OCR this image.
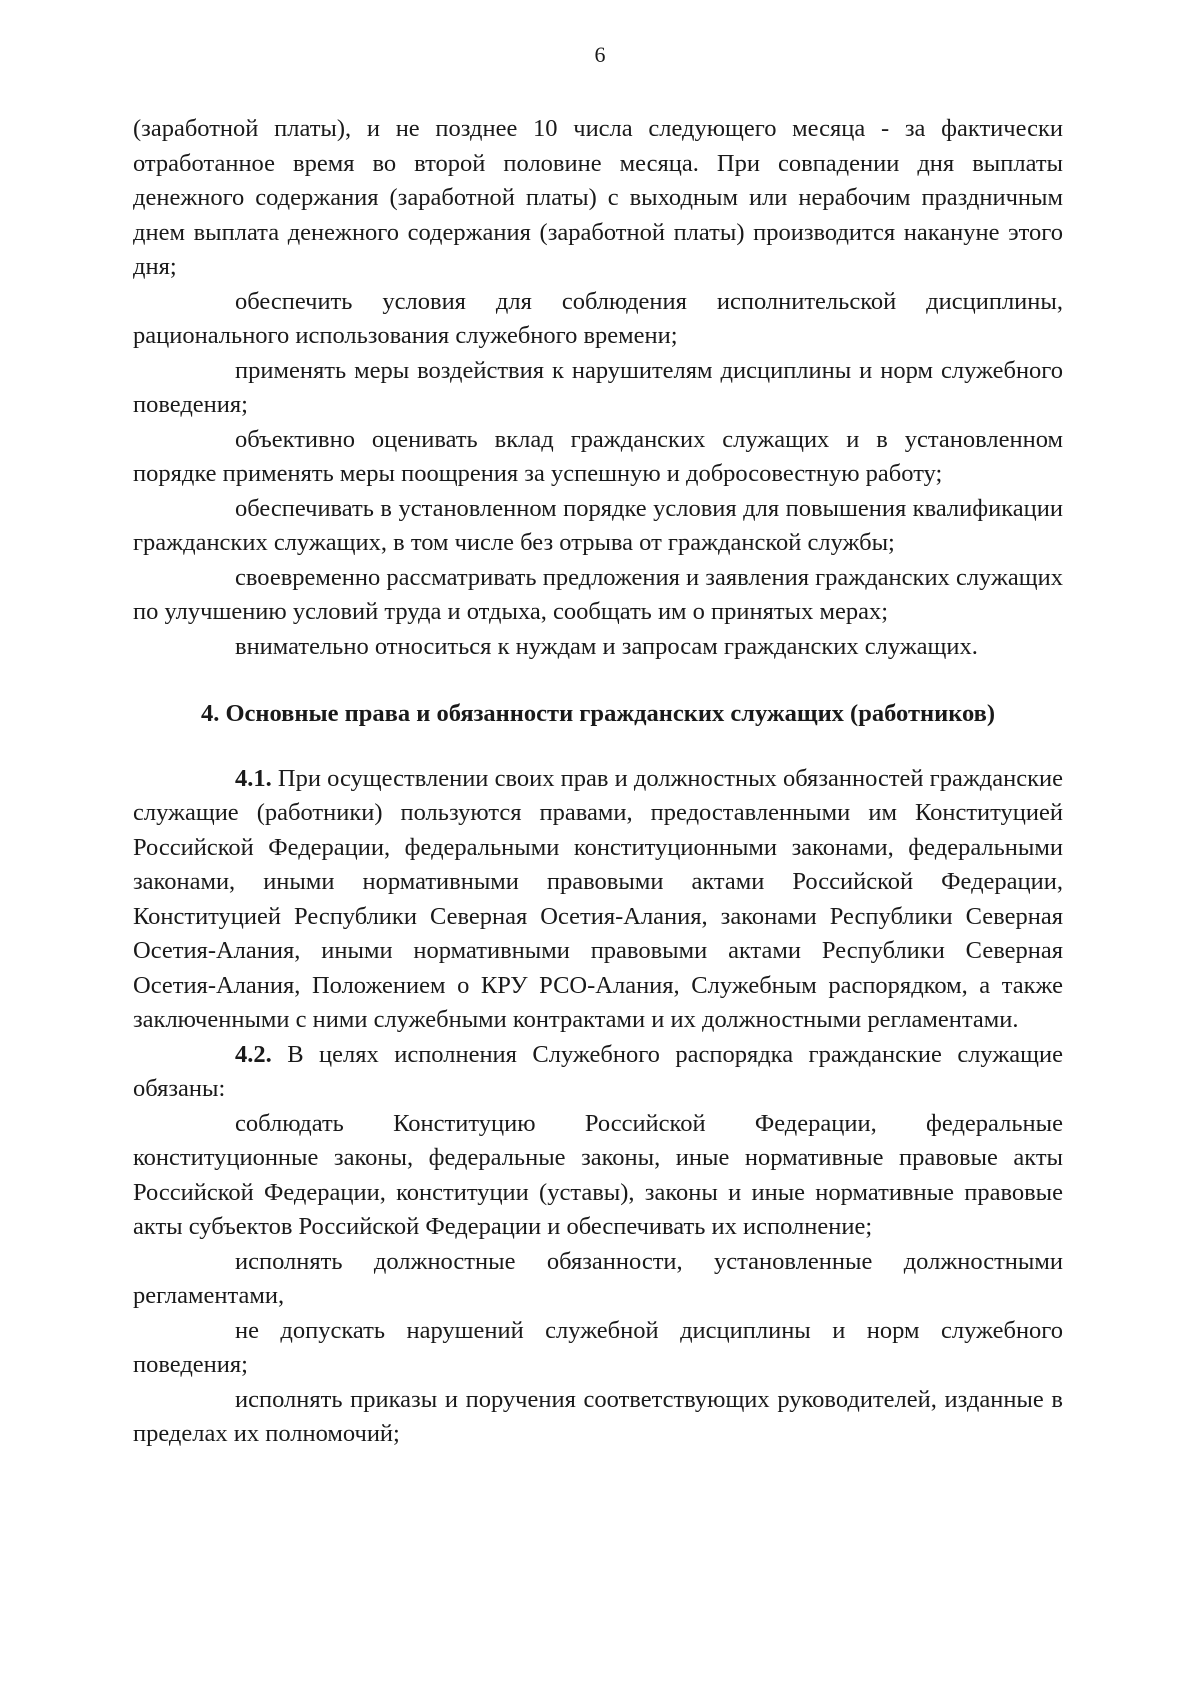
6

(заработной платы), и не позднее 10 числа следующего месяца - за фактически отработанное время во второй половине месяца. При совпадении дня выплаты денежного содержания (заработной платы) с выходным или нерабочим праздничным днем выплата денежного содержания (заработной платы) производится накануне этого дня;

обеспечить условия для соблюдения исполнительской дисциплины, рационального использования служебного времени;

применять меры воздействия к нарушителям дисциплины и норм служебного поведения;

объективно оценивать вклад гражданских служащих и в установленном порядке применять меры поощрения за успешную и добросовестную работу;

обеспечивать в установленном порядке условия для повышения квалификации гражданских служащих, в том числе без отрыва от гражданской службы;

своевременно рассматривать предложения и заявления гражданских служащих по улучшению условий труда и отдыха, сообщать им о принятых мерах;

внимательно относиться к нуждам и запросам гражданских служащих.

4. Основные права и обязанности гражданских служащих (работников)

4.1. При осуществлении своих прав и должностных обязанностей гражданские служащие (работники) пользуются правами, предоставленными им Конституцией Российской Федерации, федеральными конституционными законами, федеральными законами, иными нормативными правовыми актами Российской Федерации, Конституцией Республики Северная Осетия-Алания, законами Республики Северная Осетия-Алания, иными нормативными правовыми актами Республики Северная Осетия-Алания, Положением о КРУ РСО-Алания, Служебным распорядком, а также заключенными с ними служебными контрактами и их должностными регламентами.

4.2. В целях исполнения Служебного распорядка гражданские служащие обязаны:

соблюдать Конституцию Российской Федерации, федеральные конституционные законы, федеральные законы, иные нормативные правовые акты Российской Федерации, конституции (уставы), законы и иные нормативные правовые акты субъектов Российской Федерации и обеспечивать их исполнение;

исполнять должностные обязанности, установленные должностными регламентами,

не допускать нарушений служебной дисциплины и норм служебного поведения;

исполнять приказы и поручения соответствующих руководителей, изданные в пределах их полномочий;
